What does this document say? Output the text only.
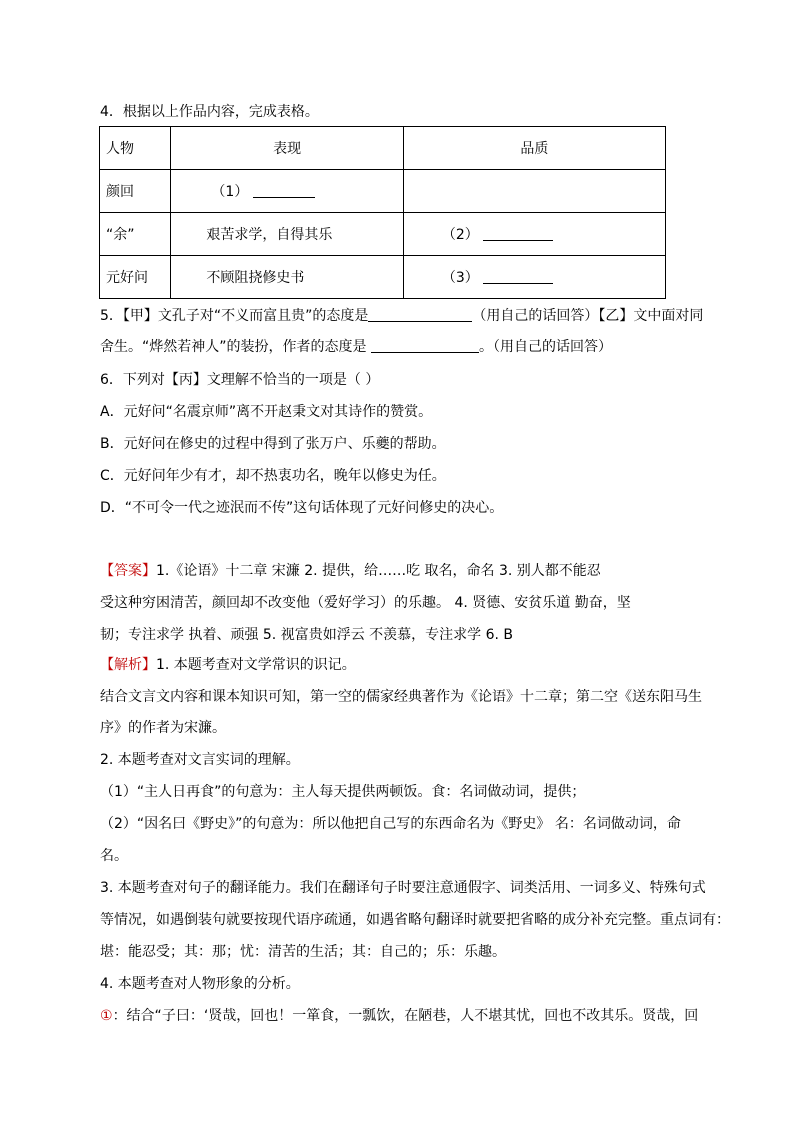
4．根据以上作品内容，完成表格。
人物	表现	品质
颜回	（1）	
“余”	艰苦求学，自得其乐	（2）
元好问	不顾阻挠修史书	（3）
5．【甲】文孔子对“不义而富且贵”的态度是	（用自己的话回答）【乙】文中面对同
舍生。“烨然若神人”的装扮，作者的态度是	。（用自己的话回答）
6．下列对【丙】文理解不恰当的一项是（ ）
A．元好问“名震京师”离不开赵秉文对其诗作的赞赏。
B．元好问在修史的过程中得到了张万户、乐夔的帮助。
C．元好问年少有才，却不热衷功名，晚年以修史为任。
D．“不可令一代之迹泯而不传”这句话体现了元好问修史的决心。
【答案】1.《论语》十二章 宋濂 2. 提供，给……吃 取名，命名 3. 别人都不能忍
受这种穷困清苦，颜回却不改变他（爱好学习）的乐趣。 4. 贤德、安贫乐道 勤奋，坚
韧；专注求学 执着、顽强 5. 视富贵如浮云 不羡慕，专注求学 6. B
【解析】1. 本题考查对文学常识的识记。
结合文言文内容和课本知识可知，第一空的儒家经典著作为《论语》十二章；第二空《送东阳马生
序》的作者为宋濂。
2. 本题考查对文言实词的理解。
（1）“主人日再食”的句意为：主人每天提供两顿饭。食：名词做动词，提供；
（2）“因名曰《野史》”的句意为：所以他把自己写的东西命名为《野史》 名：名词做动词，命
名。
3. 本题考查对句子的翻译能力。我们在翻译句子时要注意通假字、词类活用、一词多义、特殊句式
等情况，如遇倒装句就要按现代语序疏通，如遇省略句翻译时就要把省略的成分补充完整。重点词有：
堪：能忍受；其：那；忧：清苦的生活；其：自己的；乐：乐趣。
4. 本题考查对人物形象的分析。
①：结合“子曰：‘贤哉，回也！一箪食，一瓢饮，在陋巷，人不堪其忧，回也不改其乐。贤哉，回
